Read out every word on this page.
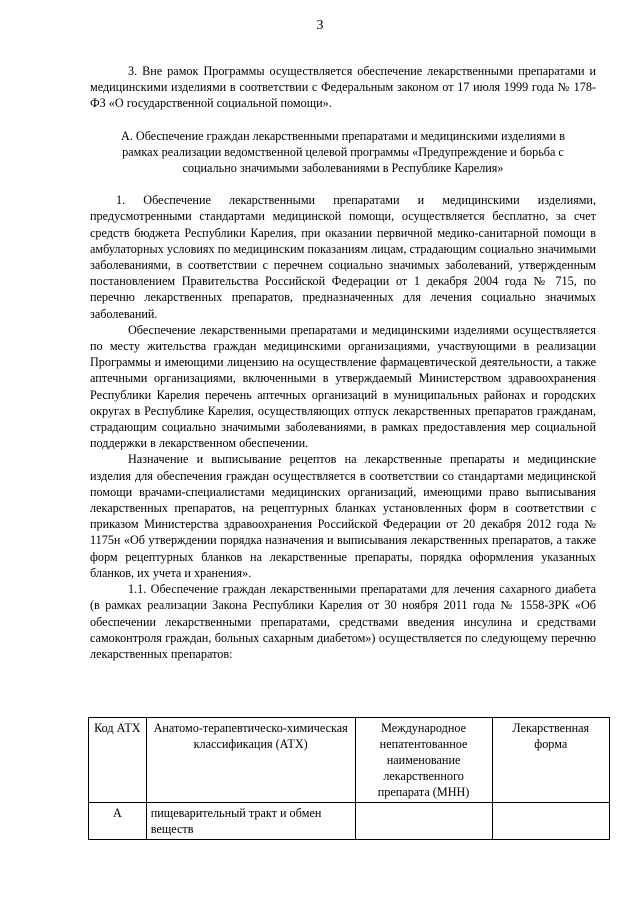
3

3. Вне рамок Программы осуществляется обеспечение лекарственными препаратами и медицинскими изделиями в соответствии с Федеральным законом от 17 июля 1999 года № 178-ФЗ «О государственной социальной помощи».

А. Обеспечение граждан лекарственными препаратами и медицинскими изделиями в рамках реализации ведомственной целевой программы «Предупреждение и борьба с социально значимыми заболеваниями в Республике Карелия»

1. Обеспечение лекарственными препаратами и медицинскими изделиями, предусмотренными стандартами медицинской помощи, осуществляется бесплатно, за счет средств бюджета Республики Карелия, при оказании первичной медико-санитарной помощи в амбулаторных условиях по медицинским показаниям лицам, страдающим социально значимыми заболеваниями, в соответствии с перечнем социально значимых заболеваний, утвержденным постановлением Правительства Российской Федерации от 1 декабря 2004 года № 715, по перечню лекарственных препаратов, предназначенных для лечения социально значимых заболеваний.

Обеспечение лекарственными препаратами и медицинскими изделиями осуществляется по месту жительства граждан медицинскими организациями, участвующими в реализации Программы и имеющими лицензию на осуществление фармацевтической деятельности, а также аптечными организациями, включенными в утверждаемый Министерством здравоохранения Республики Карелия перечень аптечных организаций в муниципальных районах и городских округах в Республике Карелия, осуществляющих отпуск лекарственных препаратов гражданам, страдающим социально значимыми заболеваниями, в рамках предоставления мер социальной поддержки в лекарственном обеспечении.

Назначение и выписывание рецептов на лекарственные препараты и медицинские изделия для обеспечения граждан осуществляется в соответствии со стандартами медицинской помощи врачами-специалистами медицинских организаций, имеющими право выписывания лекарственных препаратов, на рецептурных бланках установленных форм в соответствии с приказом Министерства здравоохранения Российской Федерации от 20 декабря 2012 года № 1175н «Об утверждении порядка назначения и выписывания лекарственных препаратов, а также форм рецептурных бланков на лекарственные препараты, порядка оформления указанных бланков, их учета и хранения».

1.1. Обеспечение граждан лекарственными препаратами для лечения сахарного диабета (в рамках реализации Закона Республики Карелия от 30 ноября 2011 года № 1558-ЗРК «Об обеспечении лекарственными препаратами, средствами введения инсулина и средствами самоконтроля граждан, больных сахарным диабетом») осуществляется по следующему перечню лекарственных препаратов:

Код АТХ	Анатомо-терапевтическо-химическая классификация (АТХ)	Международное непатентованное наименование лекарственного препарата (МНН)	Лекарственная форма
А	пищеварительный тракт и обмен веществ		
